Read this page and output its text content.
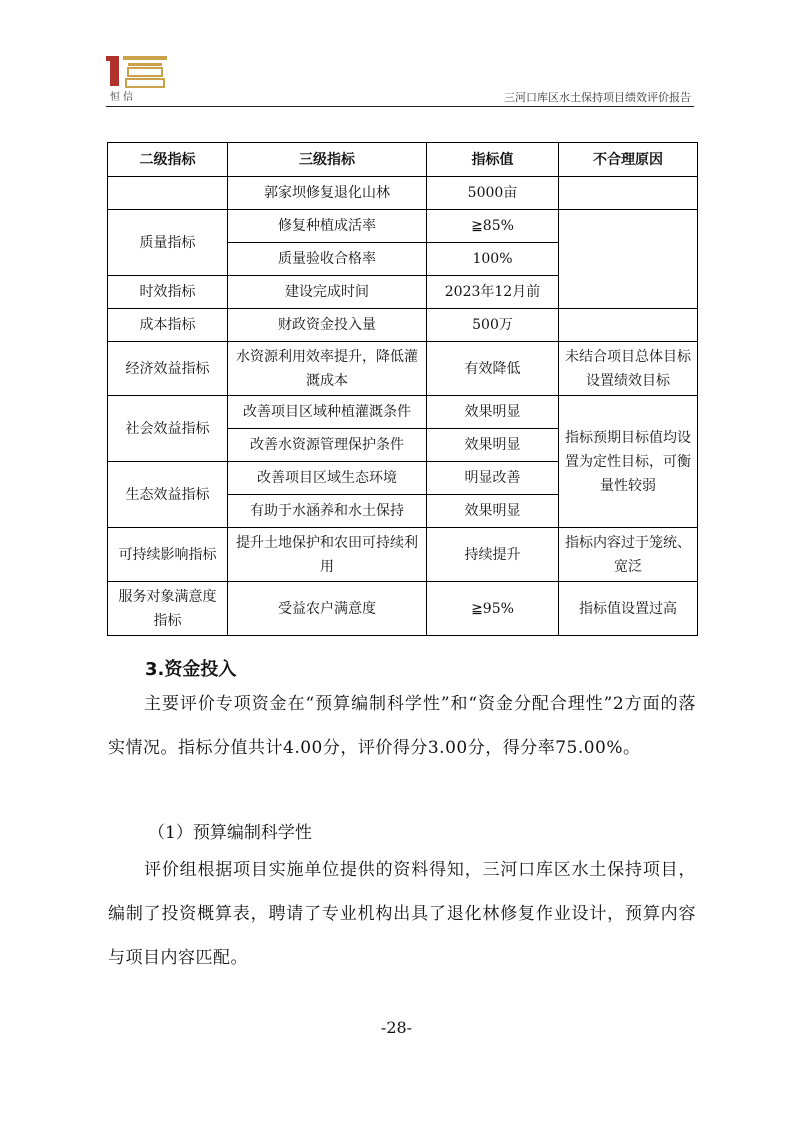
恒信	三河口库区水土保持项目绩效评价报告
二级指标	三级指标	指标值	不合理原因
	郭家坝修复退化山林	5000亩	
质量指标	修复种植成活率	≧85%	
	质量验收合格率	100%	
时效指标	建设完成时间	2023年12月前	
成本指标	财政资金投入量	500万	
经济效益指标	水资源利用效率提升，降低灌溉成本	有效降低	未结合项目总体目标设置绩效目标
社会效益指标	改善项目区域种植灌溉条件	效果明显	指标预期目标值均设置为定性目标，可衡量性较弱
	改善水资源管理保护条件	效果明显	
生态效益指标	改善项目区域生态环境	明显改善	
	有助于水涵养和水土保持	效果明显	
可持续影响指标	提升土地保护和农田可持续利用	持续提升	指标内容过于笼统、宽泛
服务对象满意度指标	受益农户满意度	≧95%	指标值设置过高
3.资金投入
主要评价专项资金在“预算编制科学性”和“资金分配合理性”2方面的落实情况。指标分值共计4.00分，评价得分3.00分，得分率75.00%。
（1）预算编制科学性
评价组根据项目实施单位提供的资料得知，三河口库区水土保持项目，编制了投资概算表，聘请了专业机构出具了退化林修复作业设计，预算内容与项目内容匹配。
-28-
